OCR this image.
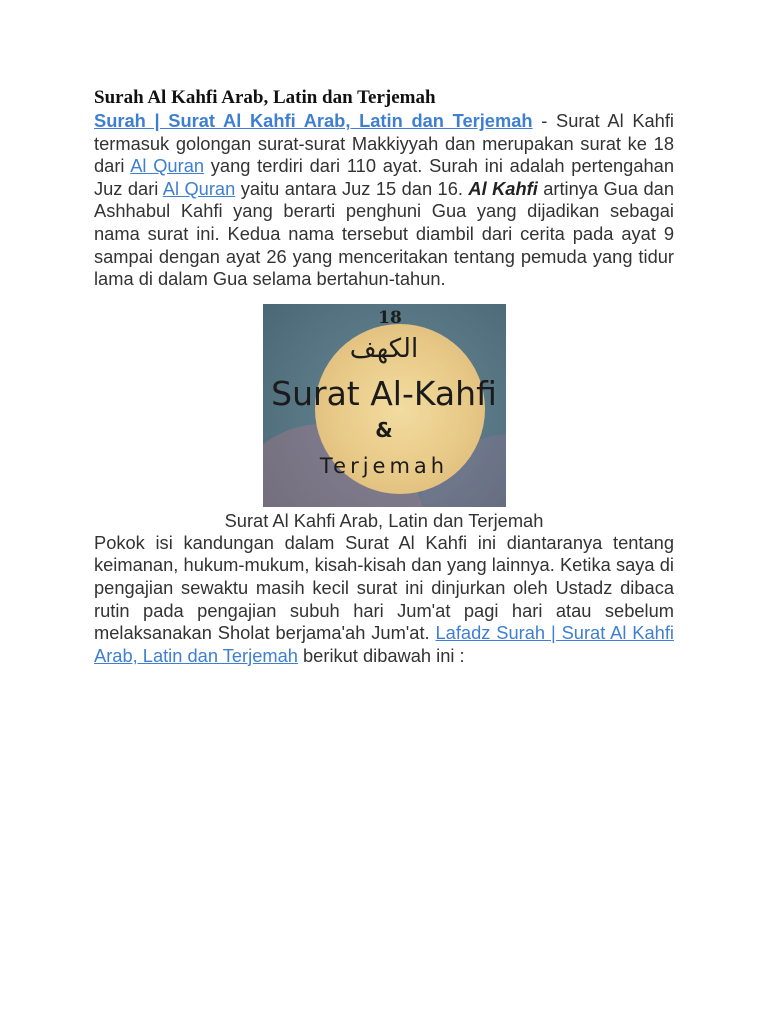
Surah Al Kahfi Arab, Latin dan Terjemah

Surah | Surat Al Kahfi Arab, Latin dan Terjemah - Surat Al Kahfi termasuk golongan surat-surat Makkiyyah dan merupakan surat ke 18 dari Al Quran yang terdiri dari 110 ayat. Surah ini adalah pertengahan Juz dari Al Quran yaitu antara Juz 15 dan 16. Al Kahfi artinya Gua dan Ashhabul Kahfi yang berarti penghuni Gua yang dijadikan sebagai nama surat ini. Kedua nama tersebut diambil dari cerita pada ayat 9 sampai dengan ayat 26 yang menceritakan tentang pemuda yang tidur lama di dalam Gua selama bertahun-tahun.

18
الكهف
Surat Al-Kahfi
&
Terjemah

Surat Al Kahfi Arab, Latin dan Terjemah

Pokok isi kandungan dalam Surat Al Kahfi ini diantaranya tentang keimanan, hukum-mukum, kisah-kisah dan yang lainnya. Ketika saya di pengajian sewaktu masih kecil surat ini dinjurkan oleh Ustadz dibaca rutin pada pengajian subuh hari Jum'at pagi hari atau sebelum melaksanakan Sholat berjama'ah Jum'at. Lafadz Surah | Surat Al Kahfi Arab, Latin dan Terjemah berikut dibawah ini :
